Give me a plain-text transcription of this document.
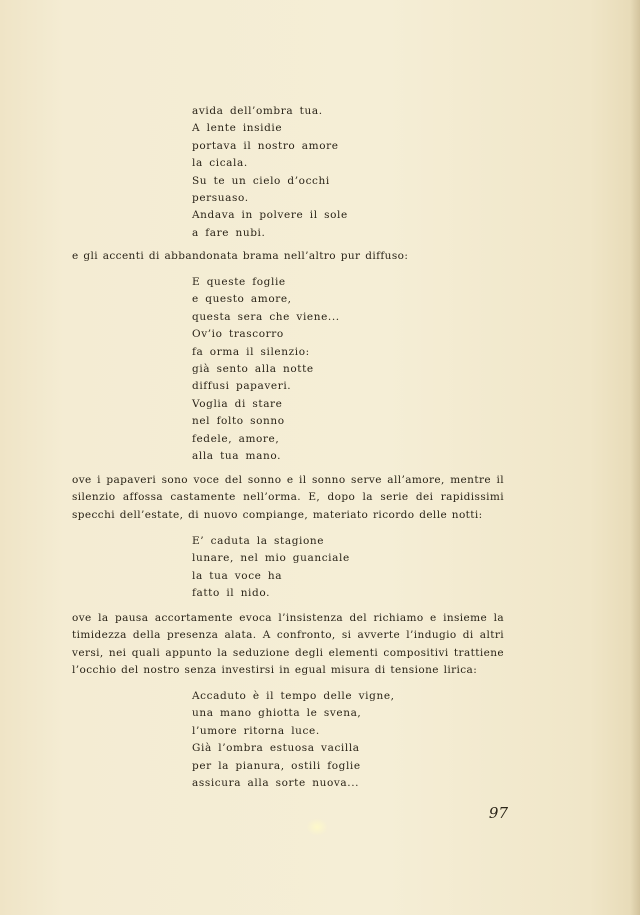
avida dell’ombra tua.
A lente insidie
portava il nostro amore
la cicala.
Su te un cielo d’occhi
persuaso.
Andava in polvere il sole
a fare nubi.

e gli accenti di abbandonata brama nell’altro pur diffuso:

E queste foglie
e questo amore,
questa sera che viene...
Ov’io trascorro
fa orma il silenzio:
già sento alla notte
diffusi papaveri.
Voglia di stare
nel folto sonno
fedele, amore,
alla tua mano.

ove i papaveri sono voce del sonno e il sonno serve all’amore, mentre il silenzio affossa castamente nell’orma. E, dopo la serie dei rapidissimi specchi dell’estate, di nuovo compiange, materiato ricordo delle notti:

E’ caduta la stagione
lunare, nel mio guanciale
la tua voce ha
fatto il nido.

ove la pausa accortamente evoca l’insistenza del richiamo e insieme la timidezza della presenza alata. A confronto, si avverte l’indugio di altri versi, nei quali appunto la seduzione degli elementi compositivi trattiene l’occhio del nostro senza investirsi in egual misura di tensione lirica:

Accaduto è il tempo delle vigne,
una mano ghiotta le svena,
l’umore ritorna luce.
Già l’ombra estuosa vacilla
per la pianura, ostili foglie
assicura alla sorte nuova...
97
